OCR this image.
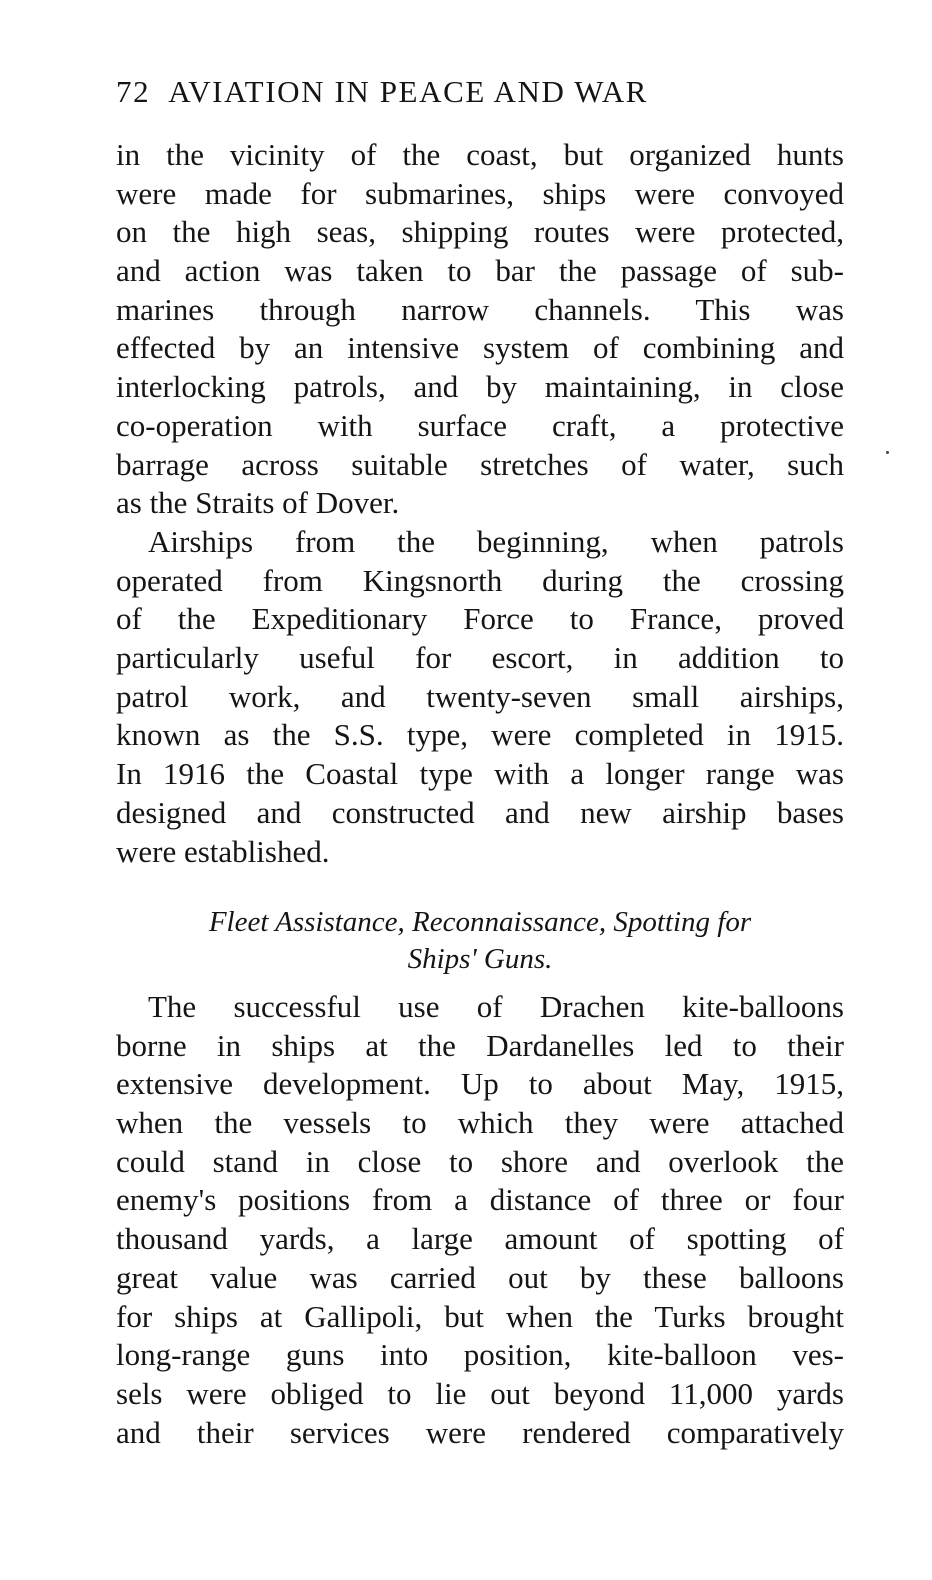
72 AVIATION IN PEACE AND WAR
in the vicinity of the coast, but organized hunts
were made for submarines, ships were convoyed
on the high seas, shipping routes were protected,
and action was taken to bar the passage of sub-
marines through narrow channels. This was
effected by an intensive system of combining and
interlocking patrols, and by maintaining, in close
co-operation with surface craft, a protective
barrage across suitable stretches of water, such
as the Straits of Dover.
Airships from the beginning, when patrols
operated from Kingsnorth during the crossing
of the Expeditionary Force to France, proved
particularly useful for escort, in addition to
patrol work, and twenty-seven small airships,
known as the S.S. type, were completed in 1915.
In 1916 the Coastal type with a longer range was
designed and constructed and new airship bases
were established.
Fleet Assistance, Reconnaissance, Spotting for
Ships' Guns.
The successful use of Drachen kite-balloons
borne in ships at the Dardanelles led to their
extensive development. Up to about May, 1915,
when the vessels to which they were attached
could stand in close to shore and overlook the
enemy's positions from a distance of three or four
thousand yards, a large amount of spotting of
great value was carried out by these balloons
for ships at Gallipoli, but when the Turks brought
long-range guns into position, kite-balloon ves-
sels were obliged to lie out beyond 11,000 yards
and their services were rendered comparatively
